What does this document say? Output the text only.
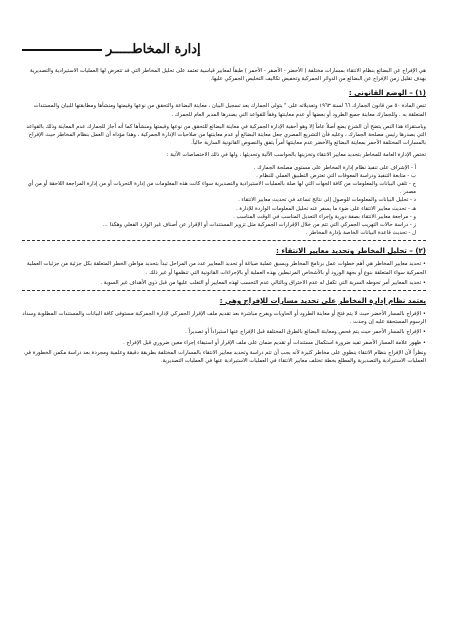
إدارة المخاطـــــر

هي الإفراج عن البضائع بنظام الانتقاء بمسارات مختلفة ( الأخضر - الأصفر - الأحمر ) طبقاً لمعايير قياسية تعتمد على تحليل المخاطر التي قد تتعرض لها العمليات الاستيرادية والتصديرية بهدف تقليل زمن الإفراج عن البضائع من الدوائر الجمركية وتخفيض تكاليف التخليص الجمركي عليها.

(١) – الوضع القانوني :

تنص المادة ٥٠ من قانون الجمارك ٦٦ لسنة ١٩٦٣ وتعديلاته على " يتولى الجمارك بعد تسجيل البيان ، معاينة البضاعة والتحقق من نوعها وقيمتها ومنشأها ومطابقتها للبيان والمستندات المتعلقة به . وللجمارك معاينة جميع الطرود أو بعضها أو عدم معاينتها وفقاً للقواعد التي يصدرها المدير العام للجمرك .

وباستقراء هذا النص يتضح أن الشرع يضع أصلاً عاماً إلا وهو أحقية الإدارة الجمركية في معاينة البضائع للتحقق من نوعها وقيمتها ومنشأها كما أنه أجاز للجمارك عدم المعاينة وذلك بالقواعد التي يصدرها رئيس مصلحة الجمارك ، وعليه فأن التشريع المصري جعل معاينة البضائع أو عدم معاينتها من صلاحيات الإدارة الجمركية ، وهذا مؤداه أن العمل بنظام المخاطر حيث الإفراج بالمسارات المختلفة الأحمر بمعاينة البضائع والأخضر عدم معاينتها أمراً يتفق والنصوص القانونية السارية حالياً.

تختص الإدارة العامة للمخاطر بتحديد معايير الانتقاء وتخزينها بالحواسب الآلية وتحديثها ، ولها في ذلك الاختصاصات الآتية :

أ - الإشراف على تنفيذ نظام إدارة المخاطر على مستوى مصلحة الجمارك .
ب - متابعة التنفيذ ودراسة المعوقات التي تعترض التطبيق العملي للنظام .
ج - تلقي البيانات والمعلومات من كافة الجهات التي لها صلة بالعمليات الاستيرادية والتصديرية سواء كانت هذه المعلومات من إدارة التحريات أو من إدارة المراجعة اللاحقة أو من أي مصدر .
د - تحليل البيانات والمعلومات للوصول إلى نتائج تساعد في تحديث معايير الانتقاء .
هـ - تحديث معايير الانتقاء على ضوء ما يسفر عنه تحليل المعلومات الواردة للإدارة .
و - مراجعة معايير الانتقاء بصفة دورية وإجراء التعديل المناسب في الوقت المناسب .
ز - دراسة حالات التهريب الجمركي التي تتم من خلال الإقرارات الجمركية مثل تزوير المستندات أو الإقرار عن أصناف غير الوارد الفعلي وهكذا ...
ل - تحديث قاعدة البيانات الخاصة بإدارة المخاطر .
(٢) – تحليل المخاطر وتحديد معايير الانتقاء :
• تحديد معايير المخاطر هي أهم خطوات عمل برنامج المخاطر ويسبق عملية صياغة أو تحديد المعايير عدد من المراحل تبدأ بتحديد مواطن الخطر المتعلقة بكل جزئية من جزئيات العملية الجمركية سواء المتعلقة بنوع أو بجهة الورود أو بالأشخاص المرتبطين بهذه العملية أو بالإجراءات القانونية التي تنظمها أو غير ذلك .
• تحديد المعايير أمر تحوطه السرية التي تكفل له عدم الاختراق وبالتالي عدم التحسب لهذه المعايير أو التغلب عليها من قبل ذوي الأهداف غير السوية .
يعتمد نظام إدارة المخاطر على تحديد مسارات للإفراج وهي :
• الإفراج بالمسار الأخضر حيث لا يتم فتح أو معاينة الطرود أو الحاويات ويفرج مباشرة بعد تقديم ملف الإقرار الجمركي لإدارة الجمركية مستوفى كافة البيانات والمستندات المطلوبة وسداد الرسوم المستحقة عليه إن وجدت .
• الإفراج بالمسار الأحمر حيث يتم فحص ومعاينة البضائع بالطرق المختلفة قبل الإفراج عنها استيراداً أو تصديراً .
• ظهور علامة المسار الأصفر تفيد ضرورة استكمال مستندات أو تقديم ضمان على ملف الإقرار أو استيفاء إجراء معين ضروري قبل الإفراج .

ونظراً لأن الإفراج بنظام الانتقاء ينطوي على مخاطر كثيرة لأنه يجب أن تتم دراسة وتحديد معايير الانتقاء بالمسارات المختلفة بطريقة دقيقة وعلمية ومجردة بعد دراسة مكمن الخطورة في العمليات الاستيرادية والتصديرية والمطلع بخطة تختلف معايير الانتقاء في العمليات الاستيرادية عنها في العمليات التصديرية.
